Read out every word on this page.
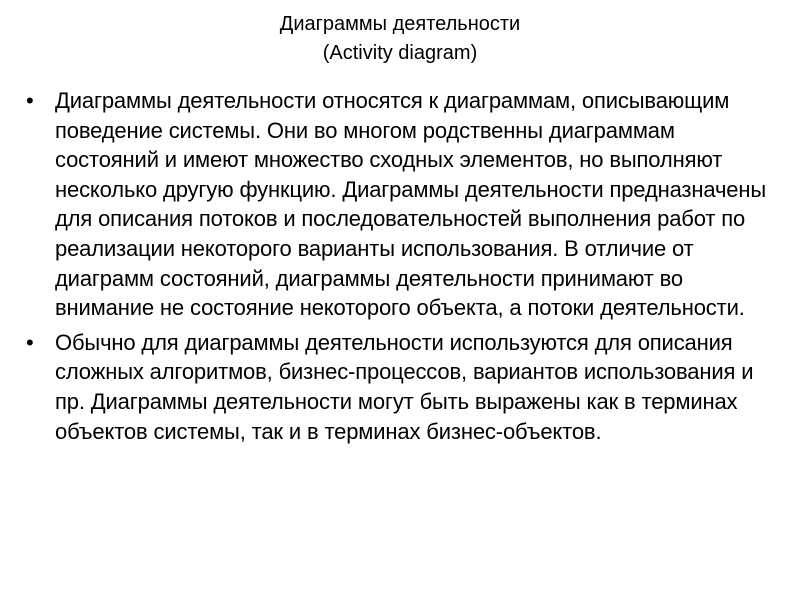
Диаграммы деятельности
(Activity diagram)
• Диаграммы деятельности относятся к диаграммам, описывающим поведение системы. Они во многом родственны диаграммам состояний и имеют множество сходных элементов, но выполняют несколько другую функцию. Диаграммы деятельности предназначены для описания потоков и последовательностей выполнения работ по реализации некоторого варианты использования. В отличие от диаграмм состояний, диаграммы деятельности принимают во внимание не состояние некоторого объекта, а потоки деятельности.
• Обычно для диаграммы деятельности используются для описания сложных алгоритмов, бизнес-процессов, вариантов использования и пр. Диаграммы деятельности могут быть выражены как в терминах объектов системы, так и в терминах бизнес-объектов.
